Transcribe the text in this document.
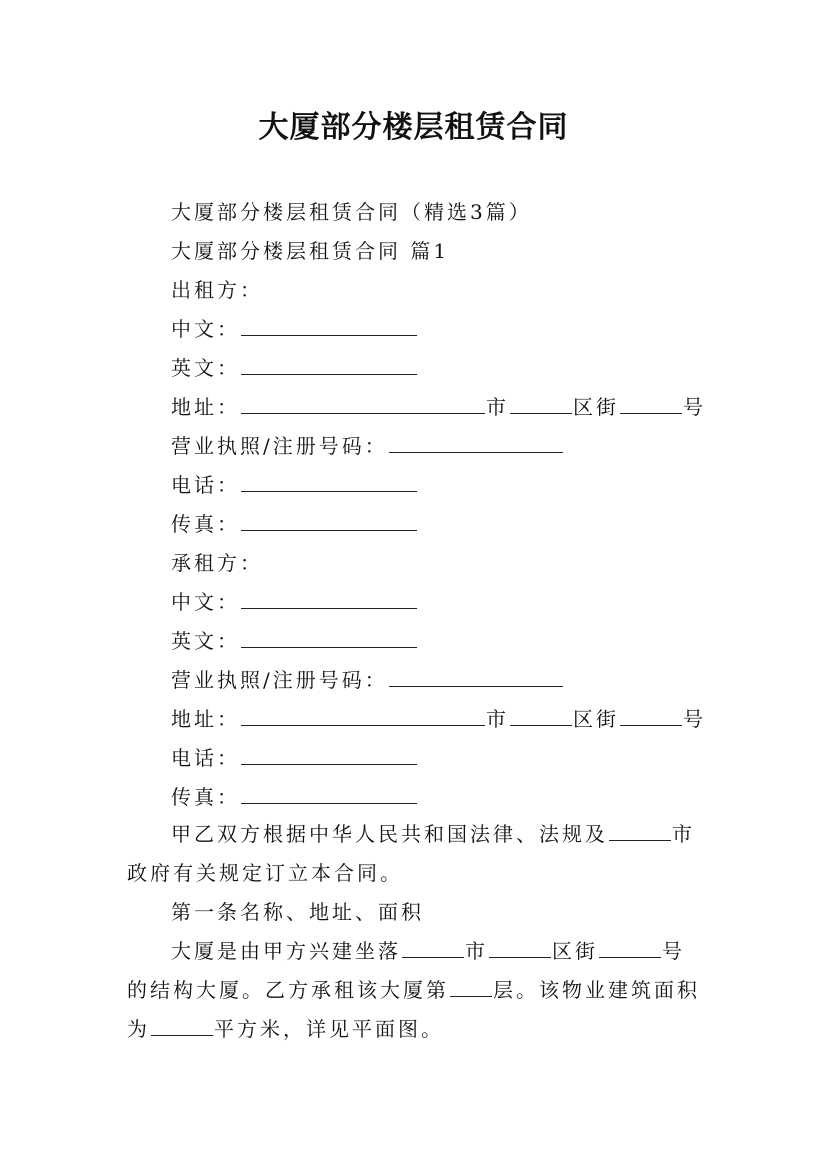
大厦部分楼层租赁合同
大厦部分楼层租赁合同（精选3篇）
大厦部分楼层租赁合同 篇1
出租方：
中文：
英文：
地址：	市	区街	号
营业执照/注册号码：
电话：
传真：
承租方：
中文：
英文：
营业执照/注册号码：
地址：	市	区街	号
电话：
传真：
甲乙双方根据中华人民共和国法律、法规及	市政府有关规定订立本合同。
第一条名称、地址、面积
大厦是由甲方兴建坐落	市	区街	号的结构大厦。乙方承租该大厦第 层。该物业建筑面积为	平方米，详见平面图。
